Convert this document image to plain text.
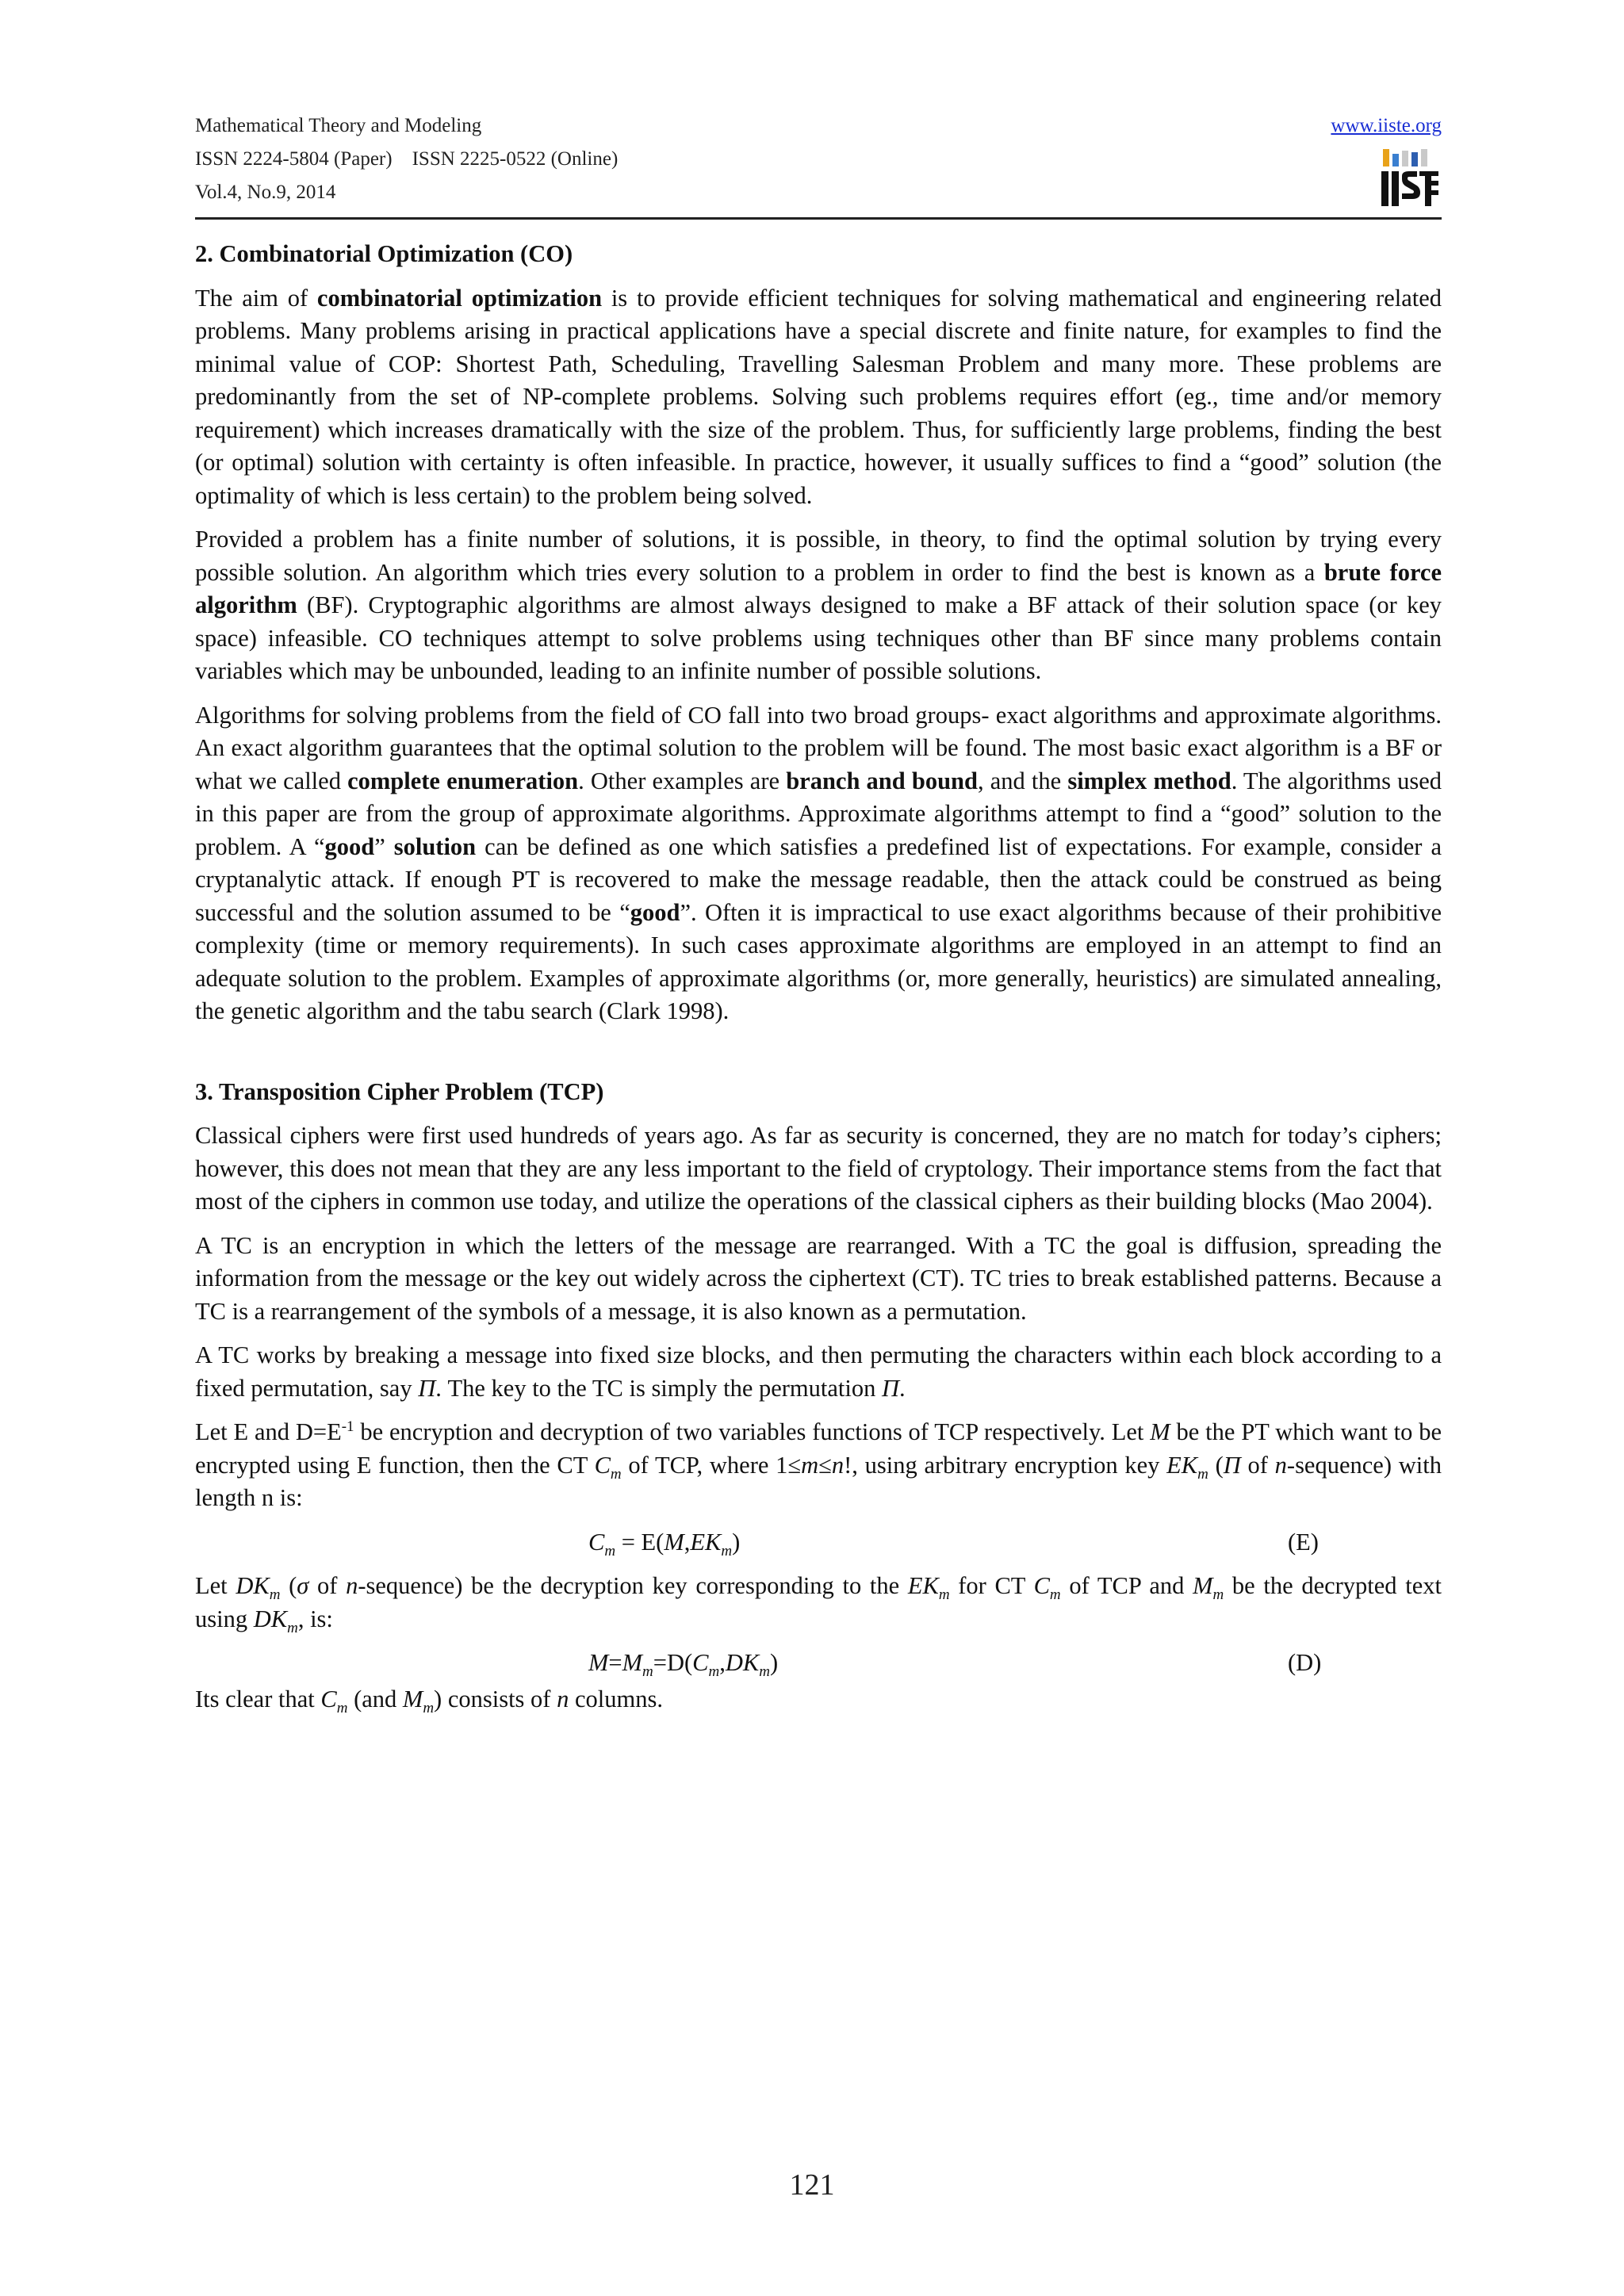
Mathematical Theory and Modeling
ISSN 2224-5804 (Paper)    ISSN 2225-0522 (Online)
Vol.4, No.9, 2014
www.iiste.org
2. Combinatorial Optimization (CO)

The aim of combinatorial optimization is to provide efficient techniques for solving mathematical and engineering related problems. Many problems arising in practical applications have a special discrete and finite nature, for examples to find the minimal value of COP: Shortest Path, Scheduling, Travelling Salesman Problem and many more. These problems are predominantly from the set of NP-complete problems. Solving such problems requires effort (eg., time and/or memory requirement) which increases dramatically with the size of the problem. Thus, for sufficiently large problems, finding the best (or optimal) solution with certainty is often infeasible. In practice, however, it usually suffices to find a “good” solution (the optimality of which is less certain) to the problem being solved.

Provided a problem has a finite number of solutions, it is possible, in theory, to find the optimal solution by trying every possible solution. An algorithm which tries every solution to a problem in order to find the best is known as a brute force algorithm (BF). Cryptographic algorithms are almost always designed to make a BF attack of their solution space (or key space) infeasible. CO techniques attempt to solve problems using techniques other than BF since many problems contain variables which may be unbounded, leading to an infinite number of possible solutions.

Algorithms for solving problems from the field of CO fall into two broad groups- exact algorithms and approximate algorithms. An exact algorithm guarantees that the optimal solution to the problem will be found. The most basic exact algorithm is a BF or what we called complete enumeration. Other examples are branch and bound, and the simplex method. The algorithms used in this paper are from the group of approximate algorithms. Approximate algorithms attempt to find a “good” solution to the problem. A “good” solution can be defined as one which satisfies a predefined list of expectations. For example, consider a cryptanalytic attack. If enough PT is recovered to make the message readable, then the attack could be construed as being successful and the solution assumed to be “good”. Often it is impractical to use exact algorithms because of their prohibitive complexity (time or memory requirements). In such cases approximate algorithms are employed in an attempt to find an adequate solution to the problem. Examples of approximate algorithms (or, more generally, heuristics) are simulated annealing, the genetic algorithm and the tabu search (Clark 1998).

3. Transposition Cipher Problem (TCP)

Classical ciphers were first used hundreds of years ago. As far as security is concerned, they are no match for today’s ciphers; however, this does not mean that they are any less important to the field of cryptology. Their importance stems from the fact that most of the ciphers in common use today, and utilize the operations of the classical ciphers as their building blocks (Mao 2004).

A TC is an encryption in which the letters of the message are rearranged. With a TC the goal is diffusion, spreading the information from the message or the key out widely across the ciphertext (CT). TC tries to break established patterns. Because a TC is a rearrangement of the symbols of a message, it is also known as a permutation.

A TC works by breaking a message into fixed size blocks, and then permuting the characters within each block according to a fixed permutation, say Π. The key to the TC is simply the permutation Π.

Let E and $D=E^{-1}$ be encryption and decryption of two variables functions of TCP respectively. Let M be the PT which want to be encrypted using E function, then the CT $C_m$ of TCP, where 1≤m≤n!, using arbitrary encryption key $EK_m$ (Π of n-sequence) with length n is:

$C_m = E(M,EK_m)$	(E)

Let $DK_m$ (σ of n-sequence) be the decryption key corresponding to the $EK_m$ for CT $C_m$ of TCP and $M_m$ be the decrypted text using $DK_m$, is:

$M=M_m=D(C_m,DK_m)$	(D)

Its clear that $C_m$ (and $M_m$) consists of n columns.

121
